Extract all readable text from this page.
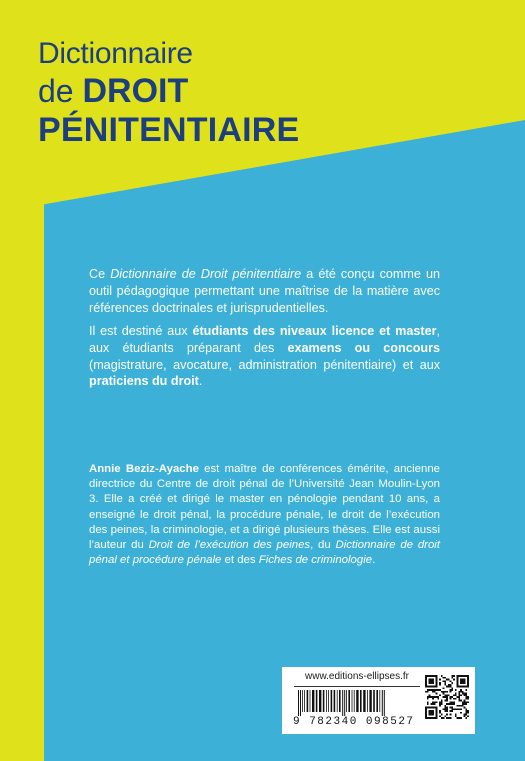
Dictionnaire
de DROIT
PÉNITENTIAIRE

Ce Dictionnaire de Droit pénitentiaire a été conçu comme un outil pédagogique permettant une maîtrise de la matière avec références doctrinales et jurisprudentielles.

Il est destiné aux étudiants des niveaux licence et master, aux étudiants préparant des examens ou concours (magistrature, avocature, administration pénitentiaire) et aux praticiens du droit.

Annie Beziz-Ayache est maître de conférences émérite, ancienne directrice du Centre de droit pénal de l’Université Jean Moulin-Lyon 3. Elle a créé et dirigé le master en pénologie pendant 10 ans, a enseigné le droit pénal, la procédure pénale, le droit de l’exécution des peines, la criminologie, et a dirigé plusieurs thèses. Elle est aussi l’auteur du Droit de l’exécution des peines, du Dictionnaire de droit pénal et procédure pénale et des Fiches de criminologie.

www.editions-ellipses.fr
9 782340 098527
